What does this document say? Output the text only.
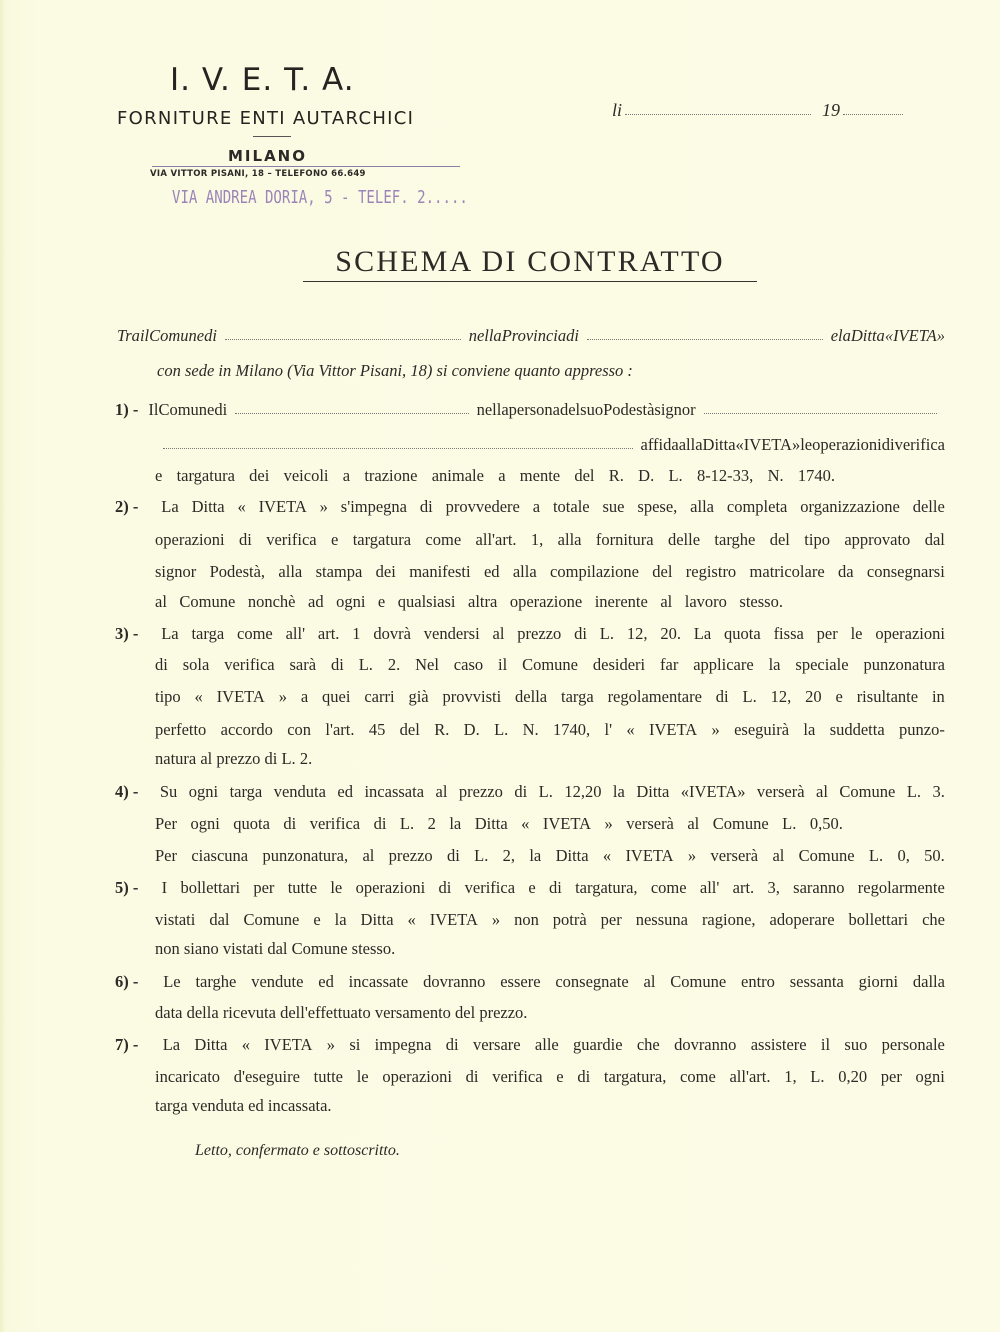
I. V. E. T. A.
FORNITURE ENTI AUTARCHICI
MILANO
VIA VITTOR PISANI, 18 – TELEFONO 66.649
VIA ANDREA DORIA, 5 - TELEF. 2.....
li	19
SCHEMA DI CONTRATTO
Tra il Comune di	nella Provincia di	e la Ditta « IVETA »
con sede in Milano (Via Vittor Pisani, 18) si conviene quanto appresso :
1) - Il Comune di	nella persona del suo Podestà signor
affida alla Ditta « IVETA » le operazioni di verifica
e targatura dei veicoli a trazione animale a mente del R. D. L. 8-12-33, N. 1740.
2) - La Ditta « IVETA » s'impegna di provvedere a totale sue spese, alla completa organizzazione delle
operazioni di verifica e targatura come all'art. 1, alla fornitura delle targhe del tipo approvato dal
signor Podestà, alla stampa dei manifesti ed alla compilazione del registro matricolare da consegnarsi
al Comune nonchè ad ogni e qualsiasi altra operazione inerente al lavoro stesso.
3) - La targa come all' art. 1 dovrà vendersi al prezzo di L. 12, 20. La quota fissa per le operazioni
di sola verifica sarà di L. 2. Nel caso il Comune desideri far applicare la speciale punzonatura
tipo « IVETA » a quei carri già provvisti della targa regolamentare di L. 12, 20 e risultante in
perfetto accordo con l'art. 45 del R. D. L. N. 1740, l' « IVETA » eseguirà la suddetta punzo-
natura al prezzo di L. 2.
4) - Su ogni targa venduta ed incassata al prezzo di L. 12,20 la Ditta «IVETA» verserà al Comune L. 3.
Per ogni quota di verifica di L. 2 la Ditta « IVETA » verserà al Comune L. 0,50.
Per ciascuna punzonatura, al prezzo di L. 2, la Ditta « IVETA » verserà al Comune L. 0, 50.
5) - I bollettari per tutte le operazioni di verifica e di targatura, come all' art. 3, saranno regolarmente
vistati dal Comune e la Ditta « IVETA » non potrà per nessuna ragione, adoperare bollettari che
non siano vistati dal Comune stesso.
6) - Le targhe vendute ed incassate dovranno essere consegnate al Comune entro sessanta giorni dalla
data della ricevuta dell'effettuato versamento del prezzo.
7) - La Ditta « IVETA » si impegna di versare alle guardie che dovranno assistere il suo personale
incaricato d'eseguire tutte le operazioni di verifica e di targatura, come all'art. 1, L. 0,20 per ogni
targa venduta ed incassata.
Letto, confermato e sottoscritto.
